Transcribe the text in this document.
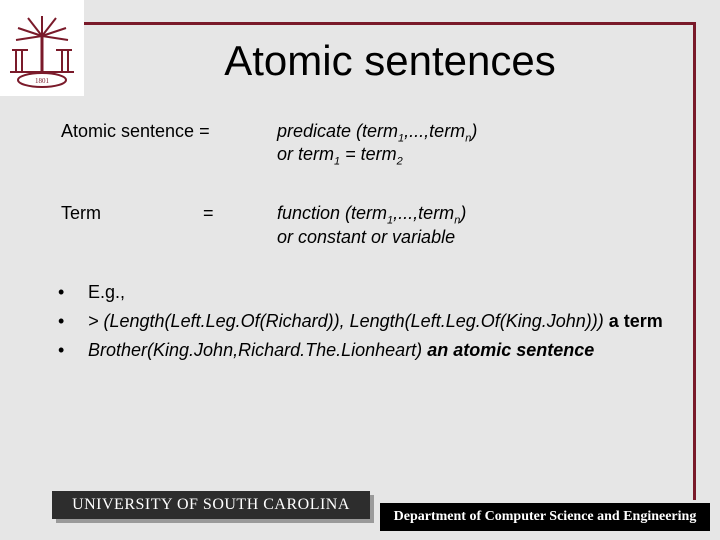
1801	Atomic sentences
Atomic sentence =	predicate (term$_1$,...,term$_n$)
or term$_1$ = term$_2$
Term	=	function (term$_1$,...,term$_n$)
or constant or variable
• E.g.,
• > (Length(Left.Leg.Of(Richard)), Length(Left.Leg.Of(King.John))) a term
• Brother(King.John,Richard.The.Lionheart) an atomic sentence
UNIVERSITY OF SOUTH CAROLINA
Department of Computer Science and Engineering
